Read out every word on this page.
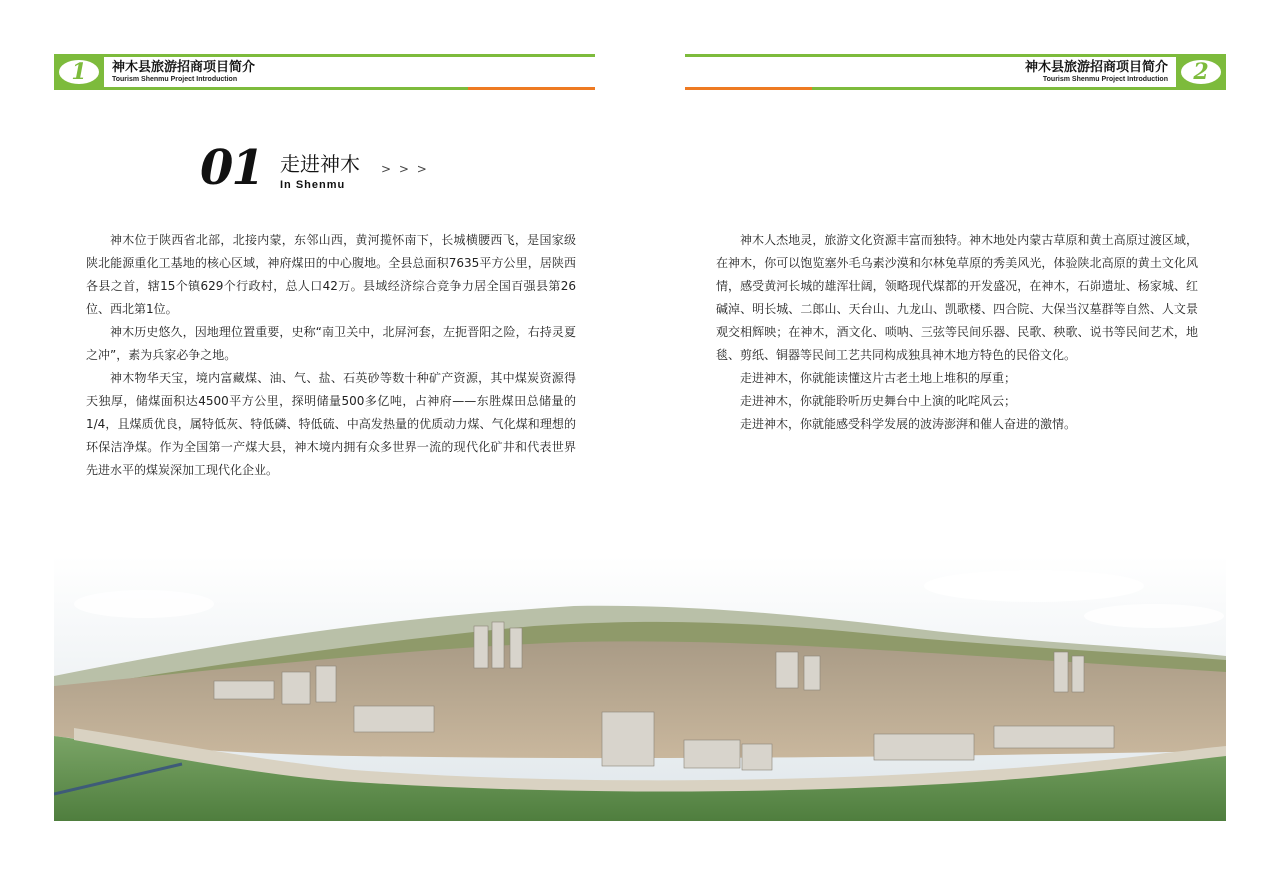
1 神木县旅游招商项目简介
Tourism Shenmu Project Introduction
神木县旅游招商项目简介
Tourism Shenmu Project Introduction 2
01 走进神木 > > >
In Shenmu

神木位于陕西省北部，北接内蒙，东邻山西，黄河揽怀南下，长城横腰西飞，是国家级陕北能源重化工基地的核心区域，神府煤田的中心腹地。全县总面积7635平方公里，居陕西各县之首，辖15个镇629个行政村，总人口42万。县域经济综合竞争力居全国百强县第26位、西北第1位。

神木历史悠久，因地理位置重要，史称“南卫关中，北屏河套，左扼晋阳之险，右持灵夏之冲”，素为兵家必争之地。

神木物华天宝，境内富藏煤、油、气、盐、石英砂等数十种矿产资源，其中煤炭资源得天独厚，储煤面积达4500平方公里，探明储量500多亿吨，占神府——东胜煤田总储量的1/4，且煤质优良，属特低灰、特低磷、特低硫、中高发热量的优质动力煤、气化煤和理想的环保洁净煤。作为全国第一产煤大县，神木境内拥有众多世界一流的现代化矿井和代表世界先进水平的煤炭深加工现代化企业。

神木人杰地灵，旅游文化资源丰富而独特。神木地处内蒙古草原和黄土高原过渡区域，在神木，你可以饱览塞外毛乌素沙漠和尔林兔草原的秀美风光，体验陕北高原的黄土文化风情，感受黄河长城的雄浑壮阔，领略现代煤都的开发盛况，在神木，石峁遗址、杨家城、红碱淖、明长城、二郎山、天台山、九龙山、凯歌楼、四合院、大保当汉墓群等自然、人文景观交相辉映；在神木，酒文化、唢呐、三弦等民间乐器、民歌、秧歌、说书等民间艺术，地毯、剪纸、铜器等民间工艺共同构成独具神木地方特色的民俗文化。

走进神木，你就能读懂这片古老土地上堆积的厚重；

走进神木，你就能聆听历史舞台中上演的叱咤风云；

走进神木，你就能感受科学发展的波涛澎湃和催人奋进的激情。
